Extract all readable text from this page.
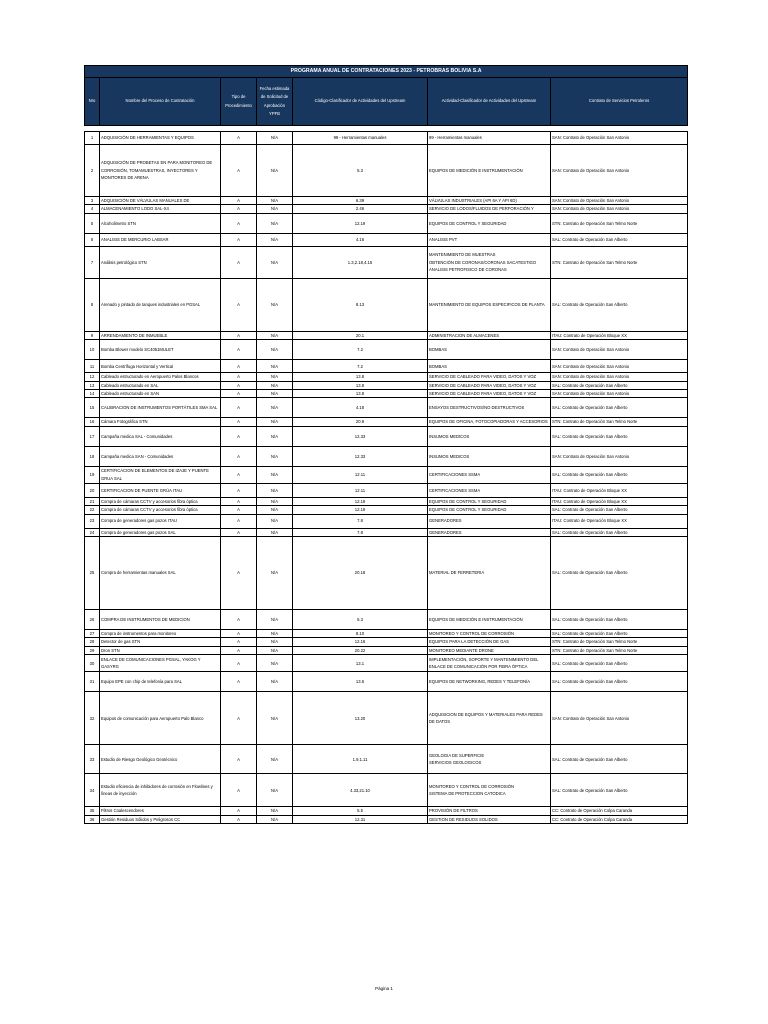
PROGRAMA ANUAL DE CONTRATACIONES 2023 - PETROBRAS BOLIVIA S.A						
Nro	Nombre del Proceso de Contratación	Tipo de Procedimiento	Fecha estimada de Solicitud de Aprobación YPFB	Código-Clasificador de Actividades del Upstream	Actividad-Clasificador de Actividades del Upstream	Contrato de Servicios Petroleros

1	ADQUISICIÓN DE HERRAMIENTAS Y EQUIPOS	A	N/A	99 - Herramientas manuales	99 - Herramientas manuales	SAN: Contrato de Operación San Antonio
2	ADQUISICIÓN DE PROBETAS EN PARA MONITOREO DE CORROSIÓN, TOMAMUESTRAS, INYECTORES Y MONITORES DE ARENA	A	N/A	5.3	EQUIPOS DE MEDICIÓN E INSTRUMENTACIÓN	SAN: Contrato de Operación San Antonio
3	ADQUISICIÓN DE VÁLVULAS MANUALES DE	A	N/A	6.39	VÁLVULAS INDUSTRIALES (API 6A Y API 6D)	SAN: Contrato de Operación San Antonio
4	ALMACENAMIENTO LODO SAL-X4	A	N/A	2.46	SERVICIO DE LODOS/FLUIDOS DE PERFORACIÓN Y	SAN: Contrato de Operación San Antonio
5	Alcoholimetro STN	A	N/A	12.19	EQUIPOS DE CONTROL Y SEGURIDAD	STN: Contrato de Operación San Telmo Norte
6	ANALISIS DE MERCURIO LABSAR	A	N/A	4.16	ANALISIS PVT	SAL: Contrato de Operación San Alberto
7	Análisis petrológico STN	A	N/A	1.3,2.18,4.15	MANTENIMIENTO DE MUESTRAS
OBTENCIÓN DE CORONAS/CORONAS SACATESTIGO
ANALISIS PETROFISICO DE CORONAS	STN: Contrato de Operación San Telmo Norte
8	Arenado y pintado de tanques industriales en PGSAL	A	N/A	8.13	MANTENIMIENTO DE EQUIPOS ESPECIFICOS DE PLANTA	SAL: Contrato de Operación San Alberto
9	ARRENDAMIENTO DE INMUEBLE	A	N/A	20.1	ADMINISTRACION DE ALMACENES	ITAU: Contrato de Operación Bloque XX
10	Bomba Blower modelo SC4051MULET	A	N/A	7.2	BOMBAS	SAN: Contrato de Operación San Antonio
11	Bomba Centrífuga Horizontal y Vertical	A	N/A	7.2	BOMBAS	SAN: Contrato de Operación San Antonio
12	Cableado estructurado en Aeropuerto Palos Blancos	A	N/A	13.8	SERVICIO DE CABLEADO PARA VIDEO, DATOS Y VOZ	SAN: Contrato de Operación San Antonio
13	Cableado estructurado en SAL	A	N/A	13.8	SERVICIO DE CABLEADO PARA VIDEO, DATOS Y VOZ	SAL: Contrato de Operación San Alberto
14	Cableado estructurado en SAN	A	N/A	13.8	SERVICIO DE CABLEADO PARA VIDEO, DATOS Y VOZ	SAN: Contrato de Operación San Antonio
15	CALIBRACION DE INSTRUMENTOS PORTÁTILES SMA SAL	A	N/A	4.18	ENSAYOS DESTRUCTIVOS/NO DESTRUCTIVOS	SAL: Contrato de Operación San Alberto
16	Cámara Fotográfica STN	A	N/A	20.9	EQUIPOS DE OFICINA, FOTOCOPIADORAS Y ACCESORIOS	STN: Contrato de Operación San Telmo Norte
17	Campaña medica SAL - Comunidades	A	N/A	12.33	INSUMOS MEDICOS	SAL: Contrato de Operación San Alberto
18	Campaña medica SAN - Comunidades	A	N/A	12.33	INSUMOS MEDICOS	SAN: Contrato de Operación San Antonio
19	CERTIFICACION DE ELEMENTOS DE IZAJE Y PUENTE GRUA SAL	A	N/A	12.11	CERTIFICACIONES SSMA	SAL: Contrato de Operación San Alberto
20	CERTIFICACION DE PUENTE GRÚA ITAU	A	N/A	12.11	CERTIFICACIONES SSMA	ITAU: Contrato de Operación Bloque XX
21	Compra de cámaras CCTV y accesorios fibra óptica	A	N/A	12.19	EQUIPOS DE CONTROL Y SEGURIDAD	ITAU: Contrato de Operación Bloque XX
22	Compra de cámaras CCTV y accesorios fibra óptica	A	N/A	12.19	EQUIPOS DE CONTROL Y SEGURIDAD	SAL: Contrato de Operación San Alberto
23	Compra de generadores gas pozos ITAU	A	N/A	7.8	GENERADORES	ITAU: Contrato de Operación Bloque XX
24	Compra de generadores gas pozos SAL	A	N/A	7.8	GENERADORES	SAL: Contrato de Operación San Alberto
25	Compra de herramientas manuales SAL	A	N/A	20.18	MATERIAL DE FERRETERIA	SAL: Contrato de Operación San Alberto
26	COMPRA DE INSTRUMENTOS DE MEDICION	A	N/A	5.3	EQUIPOS DE MEDICIÓN E INSTRUMENTACIÓN	SAL: Contrato de Operación San Alberto
27	Compra de instrumentos para monitoreo	A	N/A	8.10	MONITOREO Y CONTROL DE CORROSIÓN	SAL: Contrato de Operación San Alberto
28	Detector de gas STN	A	N/A	12.16	EQUIPOS PARA LA DETECCIÓN DE GAS	STN: Contrato de Operación San Telmo Norte
29	Dron STN	A	N/A	20.22	MONITOREO MEDIANTE DRONE	STN: Contrato de Operación San Telmo Norte
30	ENLACE DE COMUNICACIONES PGSAL, YAKOG Y GASYRG	A	N/A	13.1	IMPLEMENTACIÓN, SOPORTE Y MANTENIMIENTO DEL ENLACE DE COMUNICACIÓN POR FIBRA ÓPTICA	SAL: Contrato de Operación San Alberto
31	Equipo EPE con chip de telefonía para SAL	A	N/A	13.6	EQUIPOS DE NETWORKING, REDES Y TELEFONÍA	SAL: Contrato de Operación San Alberto
32	Equipos de comunicación para Aeropuerto Palo Blanco	A	N/A	13.20	ADQUISICION DE EQUIPOS Y MATERIALES PARA REDES DE DATOS	SAN: Contrato de Operación San Antonio
33	Estudio de Riesgo Geológico Geotécnico	A	N/A	1.9,1.11	GEOLOGIA DE SUPERFICIE
SERVICIOS GEOLOGICOS	SAL: Contrato de Operación San Alberto
34	Estudio eficiencia de inhibidores de corrosión en Flowlines y líneas de inyección	A	N/A	4.33,21.10	MONITOREO Y CONTROL DE CORROSIÓN
SISTEMA DE PROTECCION CATODICA	SAL: Contrato de Operación San Alberto
35	Filtros Coalescendores	A	N/A	5.5	PROVISIÓN DE FILTROS	CC: Contrato de Operación Colpa Caranda
36	Gestión Residuos Sólidos y Peligrosos CC	A	N/A	12.31	GESTION DE RESIDUOS SOLIDOS	CC: Contrato de Operación Colpa Caranda
Página 1
